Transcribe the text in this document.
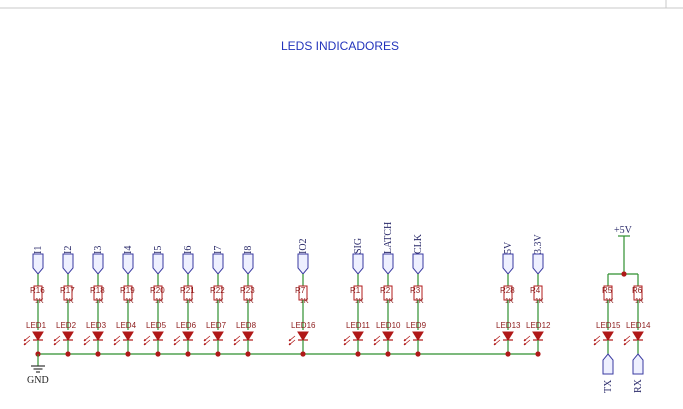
LEDS INDICADORES
I1
R16
1K
LED1
I2
R17
1K
LED2
I3
R18
1K
LED3
I4
R19
1K
LED4
I5
R20
1K
LED5
I6
R21
1K
LED6
I7
R22
1K
LED7
I8
R23
1K
LED8
IO2
R7
1K
LED16
SIG
R1
1K
LED11
LATCH
R2
1K
LED10
CLK
R3
1K
LED9
5V
R28
1K
LED13
3.3V
R4
1K
LED12
R5
1K
LED15
TX
R6
1K
LED14
RX
GND
+5V
